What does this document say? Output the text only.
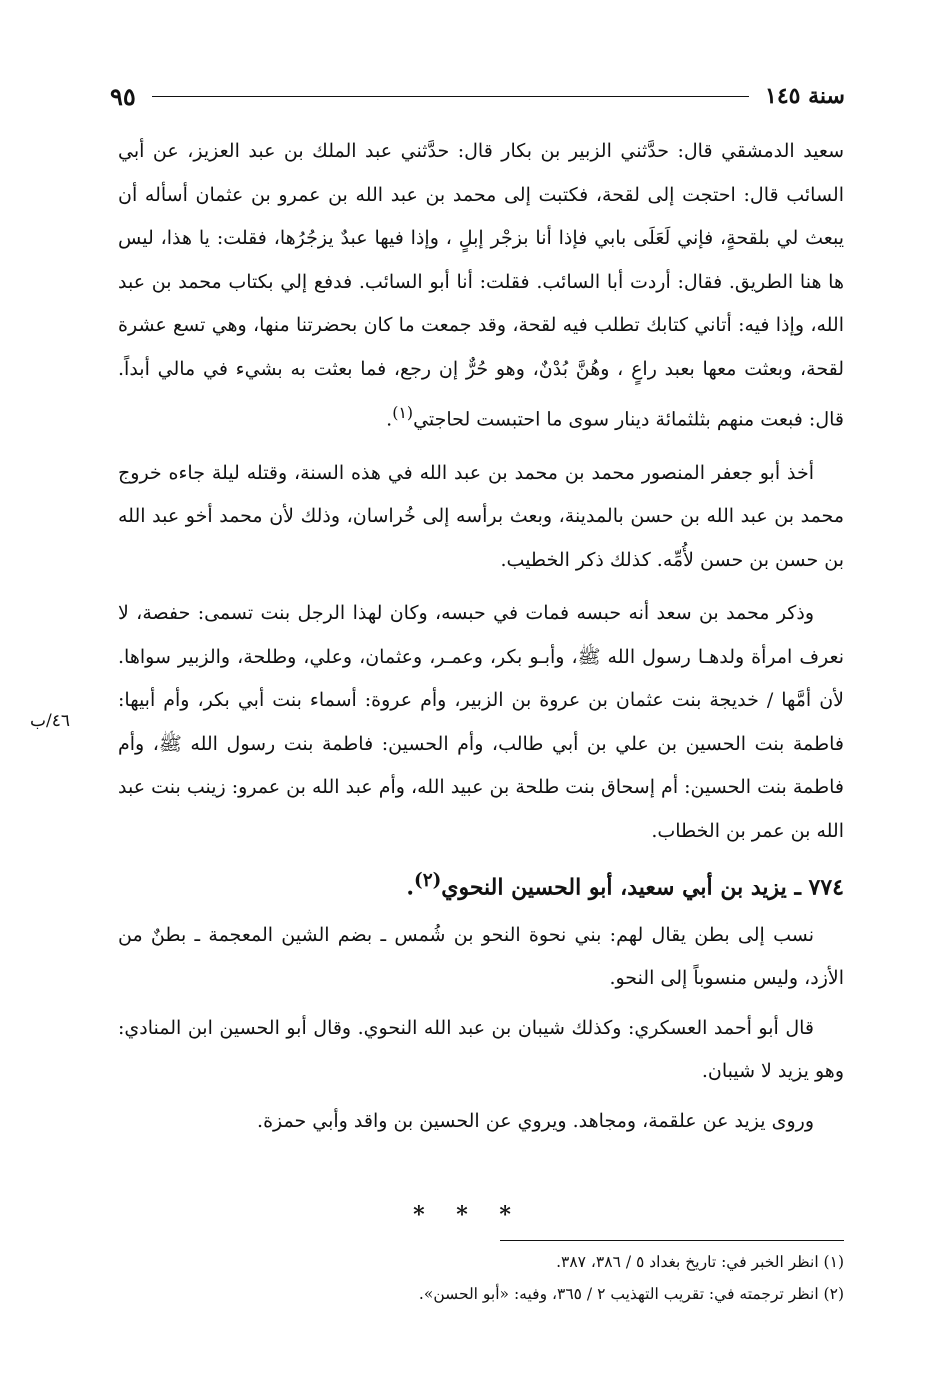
سنة ١٤٥
٩٥

سعيد الدمشقي قال: حدَّثني الزبير بن بكار قال: حدَّثني عبد الملك بن عبد العزيز، عن أبي السائب قال: احتجت إلى لقحة، فكتبت إلى محمد بن عبد الله بن عمرو بن عثمان أسأله أن يبعث لي بلقحةٍ، فإني لَعَلَى بابي فإذا أنا بزجْر إبلٍ ، وإذا فيها عبدٌ يزجُرُها، فقلت: يا هذا، ليس ها هنا الطريق. فقال: أردت أبا السائب. فقلت: أنا أبو السائب. فدفع إلي بكتاب محمد بن عبد الله، وإذا فيه: أتاني كتابك تطلب فيه لقحة، وقد جمعت ما كان بحضرتنا منها، وهي تسع عشرة لقحة، وبعثت معها بعبد راعٍ ، وهُنَّ بُدْنٌ، وهو حُرٌّ إن رجع، فما بعثت به بشيء في مالي أبداً. قال: فبعت منهم بثلثمائة دينار سوى ما احتبست لحاجتي$^{(١)}$.

أخذ أبو جعفر المنصور محمد بن محمد بن عبد الله في هذه السنة، وقتله ليلة جاءه خروج محمد بن عبد الله بن حسن بالمدينة، وبعث برأسه إلى خُراسان، وذلك لأن محمد أخو عبد الله بن حسن بن حسن لأُمِّه. كذلك ذكر الخطيب.

وذكر محمد بن سعد أنه حبسه فمات في حبسه، وكان لهذا الرجل بنت تسمى: حفصة، لا نعرف امرأة ولدهـا رسول الله ﷺ، وأبـو بكر، وعمـر، وعثمان، وعلي، وطلحة، والزبير سواها. لأن أمَّها / خديجة بنت عثمان بن عروة بن الزبير، وأم عروة: أسماء بنت أبي بكر، وأم أبيها: فاطمة بنت الحسين بن علي بن أبي طالب، وأم الحسين: فاطمة بنت رسول الله ﷺ، وأم فاطمة بنت الحسين: أم إسحاق بنت طلحة بن عبيد الله، وأم عبد الله بن عمرو: زينب بنت عبد الله بن عمر بن الخطاب.

٧٧٤ ـ يزيد بن أبي سعيد، أبو الحسين النحوي$^{(٢)}$.

نسب إلى بطن يقال لهم: بني نحوة النحو بن شُمس ـ بضم الشين المعجمة ـ بطنٌ من الأزد، وليس منسوباً إلى النحو.

قال أبو أحمد العسكري: وكذلك شيبان بن عبد الله النحوي. وقال أبو الحسين ابن المنادي: وهو يزيد لا شيبان.

وروى يزيد عن علقمة، ومجاهد. ويروي عن الحسين بن واقد وأبي حمزة.

٤٦/ب
* * *

(١) انظر الخبر في: تاريخ بغداد ٥ / ٣٨٦، ٣٨٧.

(٢) انظر ترجمته في: تقريب التهذيب ٢ / ٣٦٥، وفيه: «أبو الحسن».
